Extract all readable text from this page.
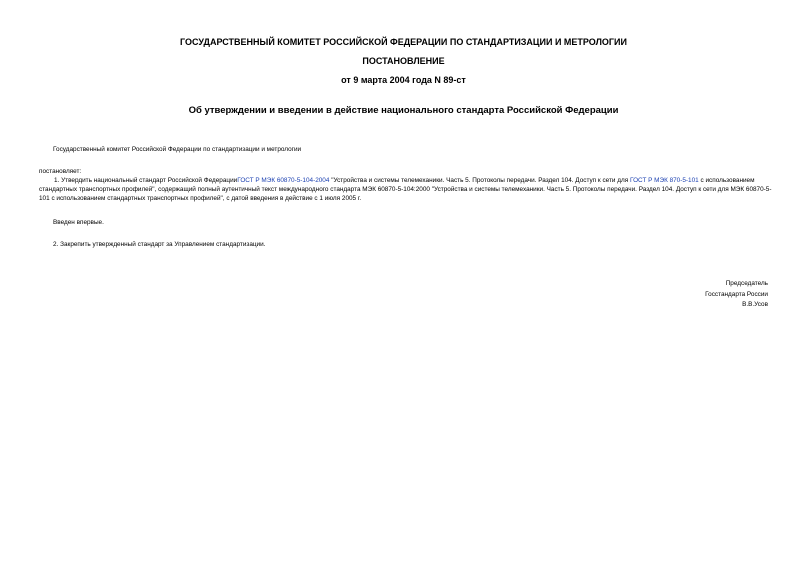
ГОСУДАРСТВЕННЫЙ КОМИТЕТ РОССИЙСКОЙ ФЕДЕРАЦИИ ПО СТАНДАРТИЗАЦИИ И МЕТРОЛОГИИ
ПОСТАНОВЛЕНИЕ
от 9 марта 2004 года N 89-ст
Об утверждении и введении в действие национального стандарта Российской Федерации
Государственный комитет Российской Федерации по стандартизации и метрологии
постановляет:
1. Утвердить национальный стандарт Российской ФедерацииГОСТ Р МЭК 60870-5-104-2004 "Устройства и системы телемеханики. Часть 5. Протоколы передачи. Раздел 104. Доступ к сети для ГОСТ Р МЭК 870-5-101 с использованием стандартных транспортных профилей", содержащий полный аутентичный текст международного стандарта МЭК 60870-5-104:2000 "Устройства и системы телемеханики. Часть 5. Протоколы передачи. Раздел 104. Доступ к сети для МЭК 60870-5-101 с использованием стандартных транспортных профилей", с датой введения в действие с 1 июля 2005 г.
Введен впервые.
2. Закрепить утвержденный стандарт за Управлением стандартизации.
Председатель
Госстандарта России
В.В.Усов
